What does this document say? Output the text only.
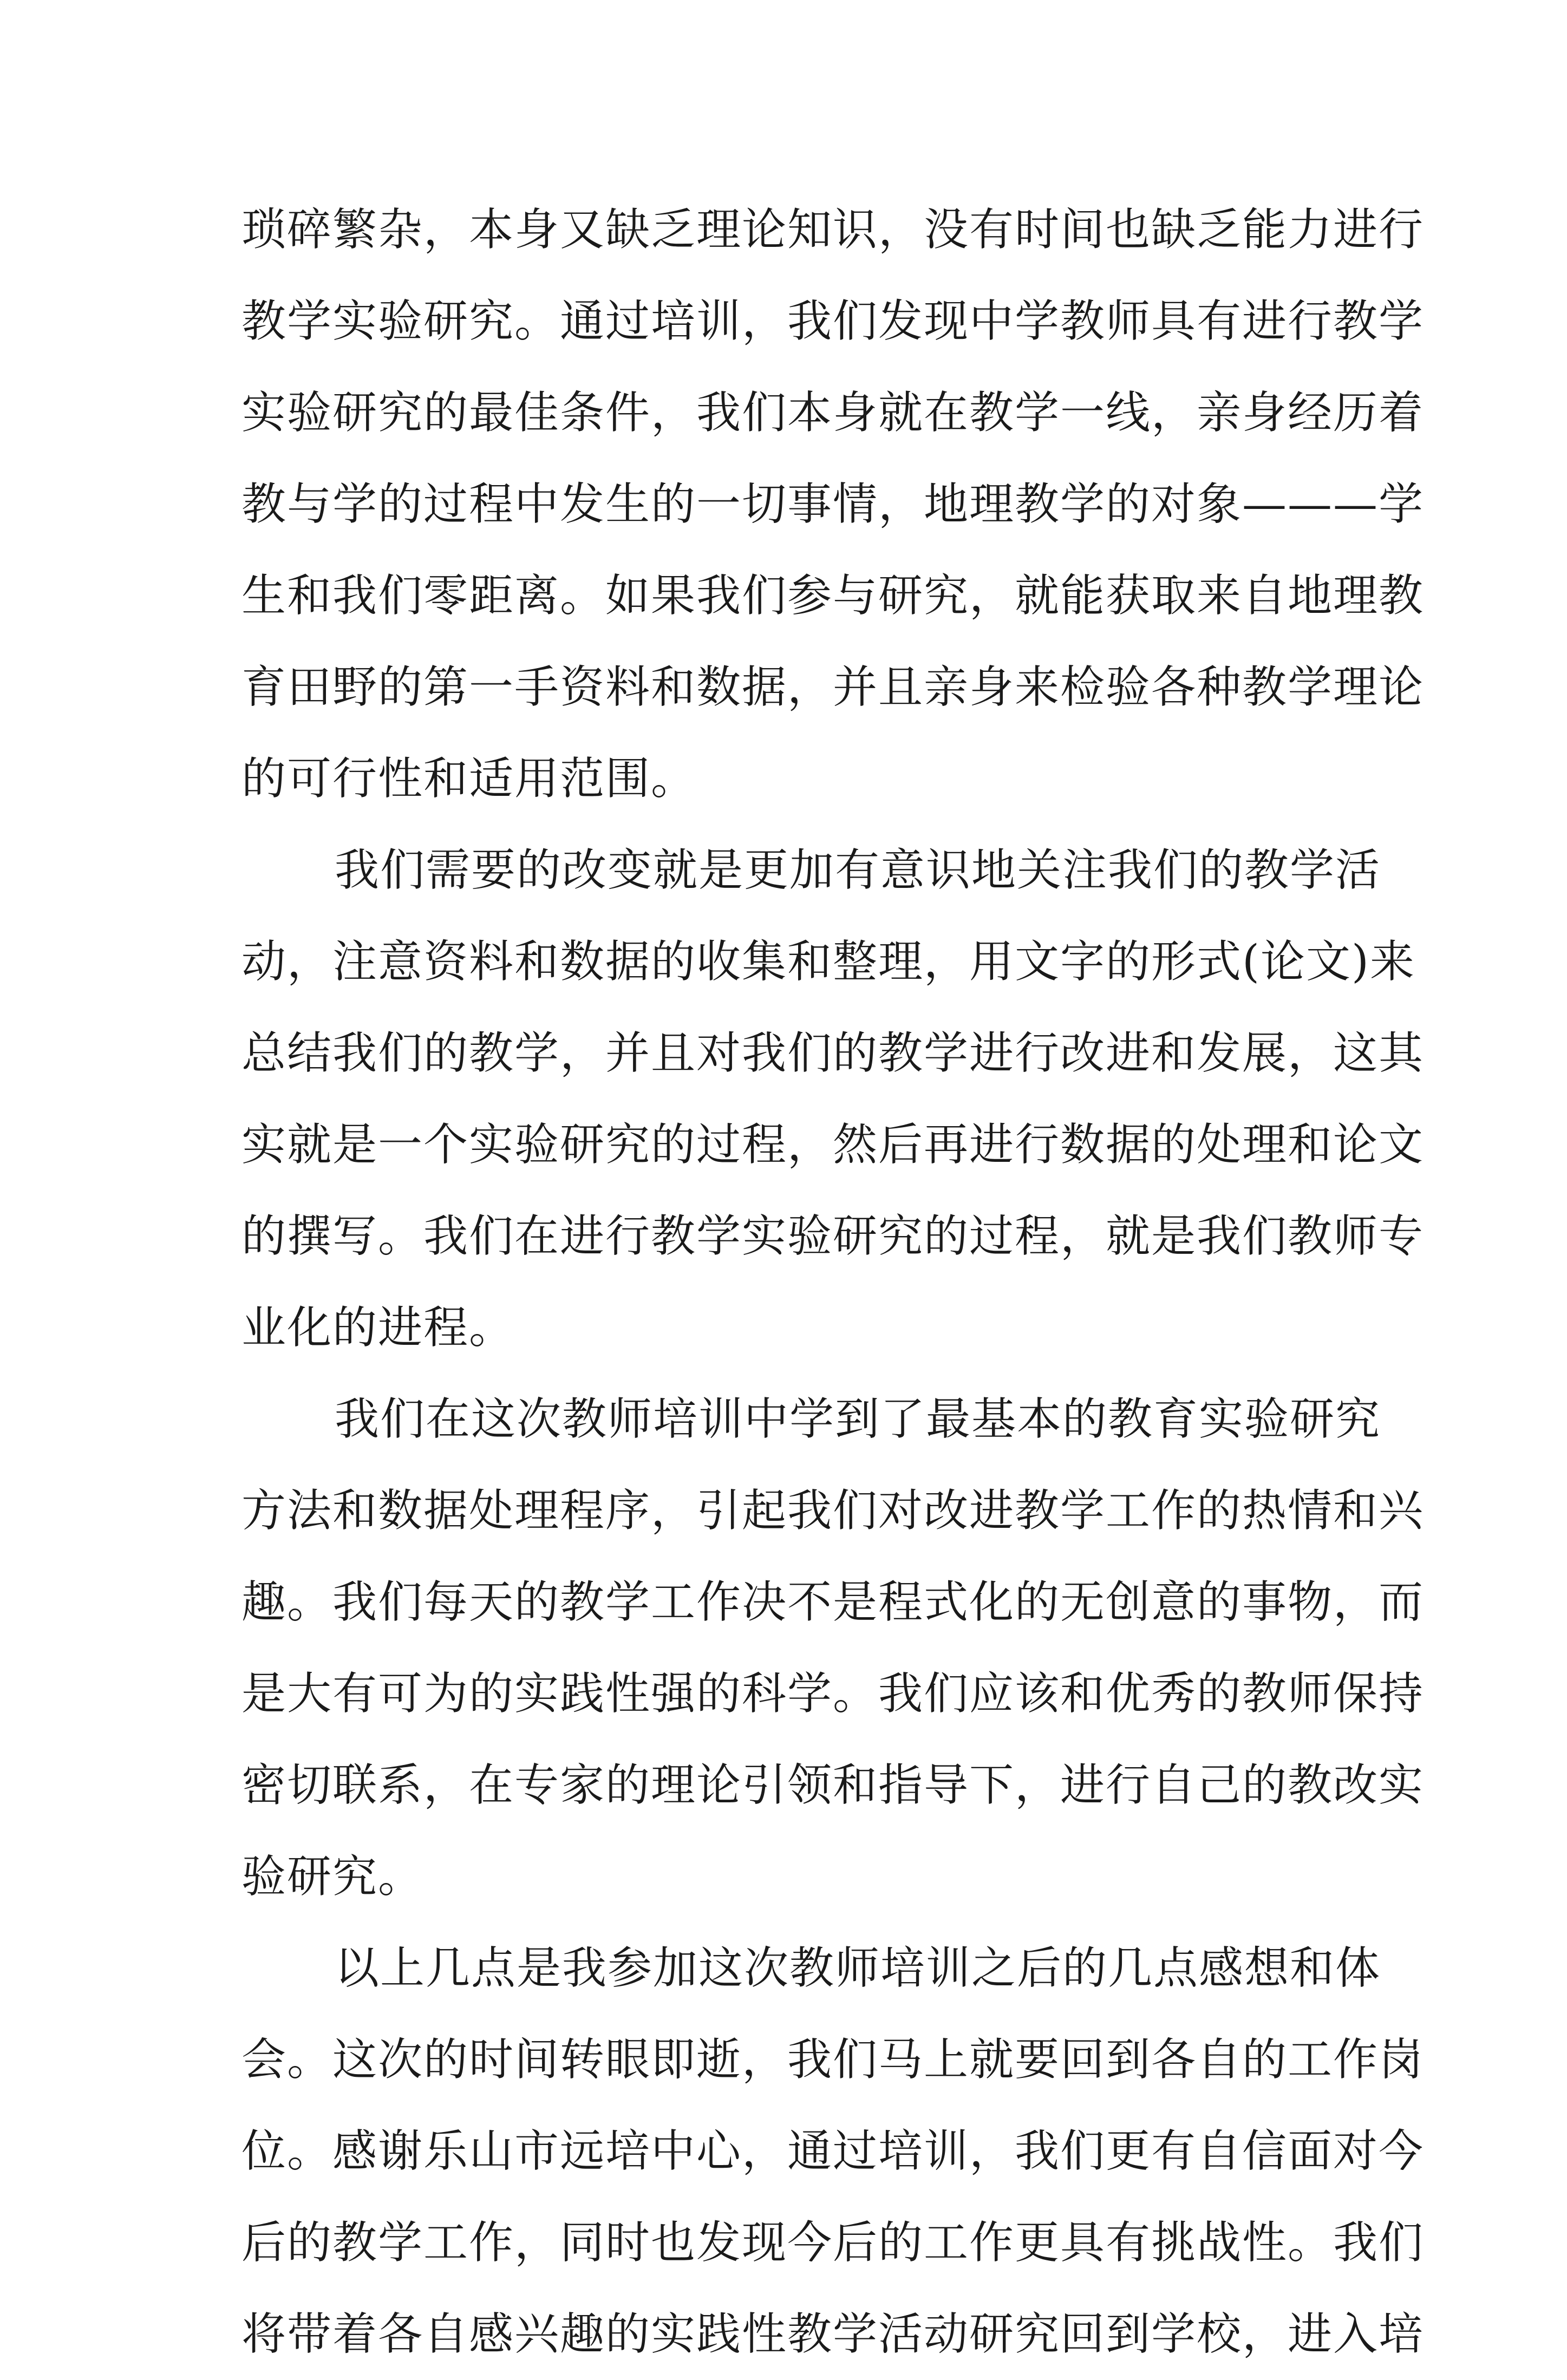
琐碎繁杂，本身又缺乏理论知识，没有时间也缺乏能力进行
教学实验研究。通过培训，我们发现中学教师具有进行教学
实验研究的最佳条件，我们本身就在教学一线，亲身经历着
教与学的过程中发生的一切事情，地理教学的对象———学
生和我们零距离。如果我们参与研究，就能获取来自地理教
育田野的第一手资料和数据，并且亲身来检验各种教学理论
的可行性和适用范围。
我们需要的改变就是更加有意识地关注我们的教学活
动，注意资料和数据的收集和整理，用文字的形式(论文)来
总结我们的教学，并且对我们的教学进行改进和发展，这其
实就是一个实验研究的过程，然后再进行数据的处理和论文
的撰写。我们在进行教学实验研究的过程，就是我们教师专
业化的进程。
我们在这次教师培训中学到了最基本的教育实验研究
方法和数据处理程序，引起我们对改进教学工作的热情和兴
趣。我们每天的教学工作决不是程式化的无创意的事物，而
是大有可为的实践性强的科学。我们应该和优秀的教师保持
密切联系，在专家的理论引领和指导下，进行自己的教改实
验研究。
以上几点是我参加这次教师培训之后的几点感想和体
会。这次的时间转眼即逝，我们马上就要回到各自的工作岗
位。感谢乐山市远培中心，通过培训，我们更有自信面对今
后的教学工作，同时也发现今后的工作更具有挑战性。我们
将带着各自感兴趣的实践性教学活动研究回到学校，进入培
